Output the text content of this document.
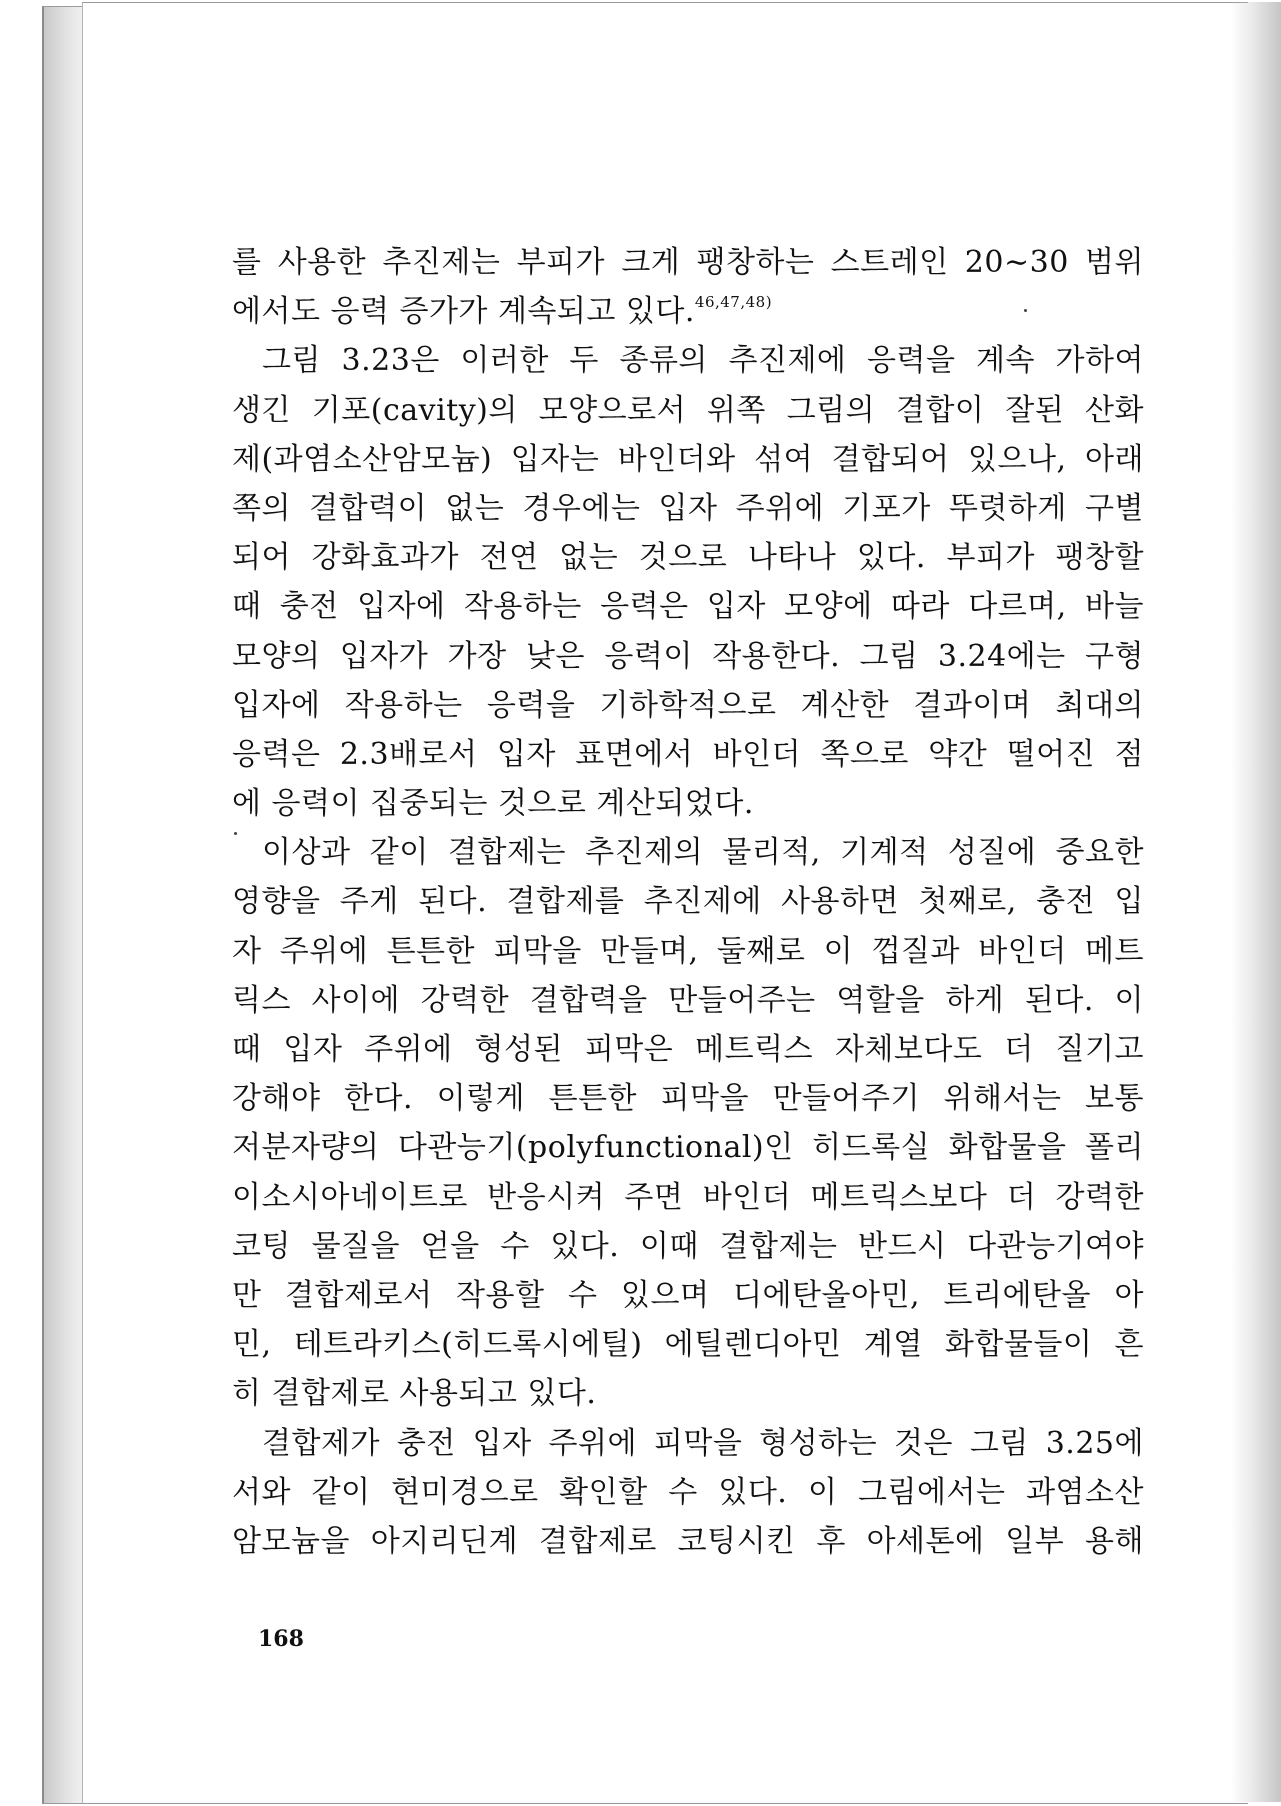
를 사용한 추진제는 부피가 크게 팽창하는 스트레인 20∼30 범위
에서도 응력 증가가 계속되고 있다.$^{46,47,48)}$
그림 3.23은 이러한 두 종류의 추진제에 응력을 계속 가하여
생긴 기포(cavity)의 모양으로서 위쪽 그림의 결합이 잘된 산화
제(과염소산암모늄) 입자는 바인더와 섞여 결합되어 있으나, 아래
쪽의 결합력이 없는 경우에는 입자 주위에 기포가 뚜렷하게 구별
되어 강화효과가 전연 없는 것으로 나타나 있다. 부피가 팽창할
때 충전 입자에 작용하는 응력은 입자 모양에 따라 다르며, 바늘
모양의 입자가 가장 낮은 응력이 작용한다. 그림 3.24에는 구형
입자에 작용하는 응력을 기하학적으로 계산한 결과이며 최대의
응력은 2.3배로서 입자 표면에서 바인더 쪽으로 약간 떨어진 점
에 응력이 집중되는 것으로 계산되었다.
이상과 같이 결합제는 추진제의 물리적, 기계적 성질에 중요한
영향을 주게 된다. 결합제를 추진제에 사용하면 첫째로, 충전 입
자 주위에 튼튼한 피막을 만들며, 둘째로 이 껍질과 바인더 메트
릭스 사이에 강력한 결합력을 만들어주는 역할을 하게 된다. 이
때 입자 주위에 형성된 피막은 메트릭스 자체보다도 더 질기고
강해야 한다. 이렇게 튼튼한 피막을 만들어주기 위해서는 보통
저분자량의 다관능기(polyfunctional)인 히드록실 화합물을 폴리
이소시아네이트로 반응시켜 주면 바인더 메트릭스보다 더 강력한
코팅 물질을 얻을 수 있다. 이때 결합제는 반드시 다관능기여야
만 결합제로서 작용할 수 있으며 디에탄올아민, 트리에탄올 아
민, 테트라키스(히드록시에틸) 에틸렌디아민 계열 화합물들이 흔
히 결합제로 사용되고 있다.
결합제가 충전 입자 주위에 피막을 형성하는 것은 그림 3.25에
서와 같이 현미경으로 확인할 수 있다. 이 그림에서는 과염소산
암모늄을 아지리딘계 결합제로 코팅시킨 후 아세톤에 일부 용해
168
